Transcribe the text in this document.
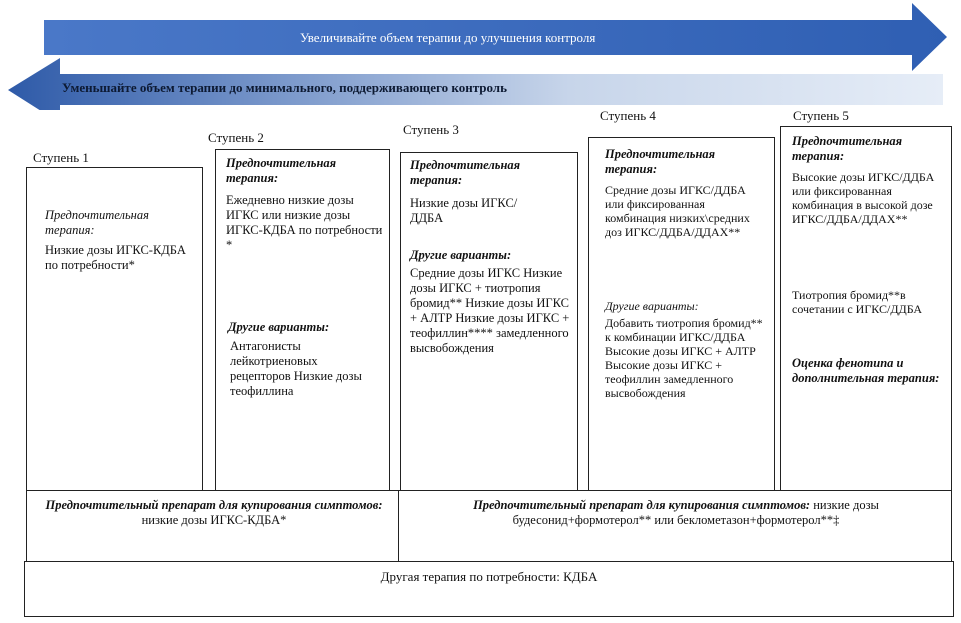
Увеличивайте объем терапии до улучшения контроля
Уменьшайте объем терапии до минимального, поддерживающего контроль
Ступень 1
Ступень 2
Ступень 3
Ступень 4	Ступень 5
Предпочтительная терапия:
Низкие дозы ИГКС-КДБА по потребности*
Предпочтительная терапия:
Ежедневно низкие дозы ИГКС или низкие дозы ИГКС-КДБА по потребности *
Другие варианты:
Антагонисты лейкотриеновых рецепторов Низкие дозы теофиллина
Предпочтительная терапия:
Низкие дозы ИГКС/ДДБА
Другие варианты:
Средние дозы ИГКС Низкие дозы ИГКС + тиотропия бромид** Низкие дозы ИГКС + АЛТР Низкие дозы ИГКС + теофиллин**** замедленного высвобождения
Предпочтительная терапия:
Средние дозы ИГКС/ДДБА или фиксированная комбинация низких\средних доз ИГКС/ДДБА/ДДАХ**
Другие варианты:
Добавить тиотропия бромид** к комбинации ИГКС/ДДБА Высокие дозы ИГКС + АЛТР Высокие дозы ИГКС + теофиллин замедленного высвобождения
Предпочтительная терапия:
Высокие дозы ИГКС/ДДБА или фиксированная комбинация в высокой дозе ИГКС/ДДБА/ДДАХ**
Тиотропия бромид**в сочетании с ИГКС/ДДБА
Оценка фенотипа и дополнительная терапия:
Предпочтительный препарат для купирования симптомов: низкие дозы ИГКС-КДБА*
Предпочтительный препарат для купирования симптомов: низкие дозы будесонид+формотерол** или беклометазон+формотерол**‡
Другая терапия по потребности: КДБА
